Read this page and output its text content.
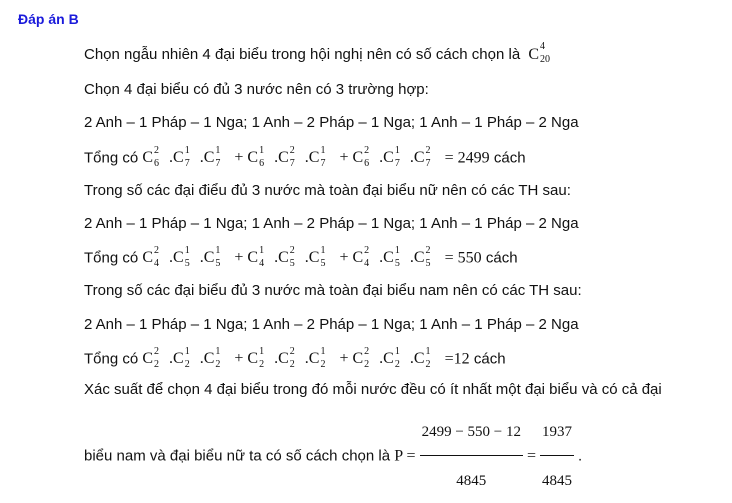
Đáp án B
Chọn ngẫu nhiên 4 đại biểu trong hội nghị nên có số cách chọn là C 4
20
Chọn 4 đại biểu có đủ 3 nước nên có 3 trường hợp:
2 Anh – 1 Pháp – 1 Nga; 1 Anh – 2 Pháp – 1 Nga; 1 Anh – 1 Pháp – 2 Nga
Tổng có C 2
6 .C 1
7 .C 1
7 + C 1
6 .C 2
7 .C 1
7 + C 2
6 .C 1
7 .C 2
7 = 2499 cách
Trong số các đại điểu đủ 3 nước mà toàn đại biểu nữ nên có các TH sau:
2 Anh – 1 Pháp – 1 Nga; 1 Anh – 2 Pháp – 1 Nga; 1 Anh – 1 Pháp – 2 Nga
Tổng có C 2
4 .C 1
5 .C 1
5 + C 1
4 .C 2
5 .C 1
5 + C 2
4 .C 1
5 .C 2
5 = 550 cách
Trong số các đại biểu đủ 3 nước mà toàn đại biểu nam nên có các TH sau:
2 Anh – 1 Pháp – 1 Nga; 1 Anh – 2 Pháp – 1 Nga; 1 Anh – 1 Pháp – 2 Nga
Tổng có C 2
2 .C 1
2 .C 1
2 + C 1
2 .C 2
2 .C 1
2 + C 2
2 .C 1
2 .C 1
2 =12 cách
Xác suất để chọn 4 đại biểu trong đó mỗi nước đều có ít nhất một đại biểu và có cả đại
biểu nam và đại biểu nữ ta có số cách chọn là $P = \frac{2499 - 550 - 12}{4845} = \frac{1937}{4845}$ .
